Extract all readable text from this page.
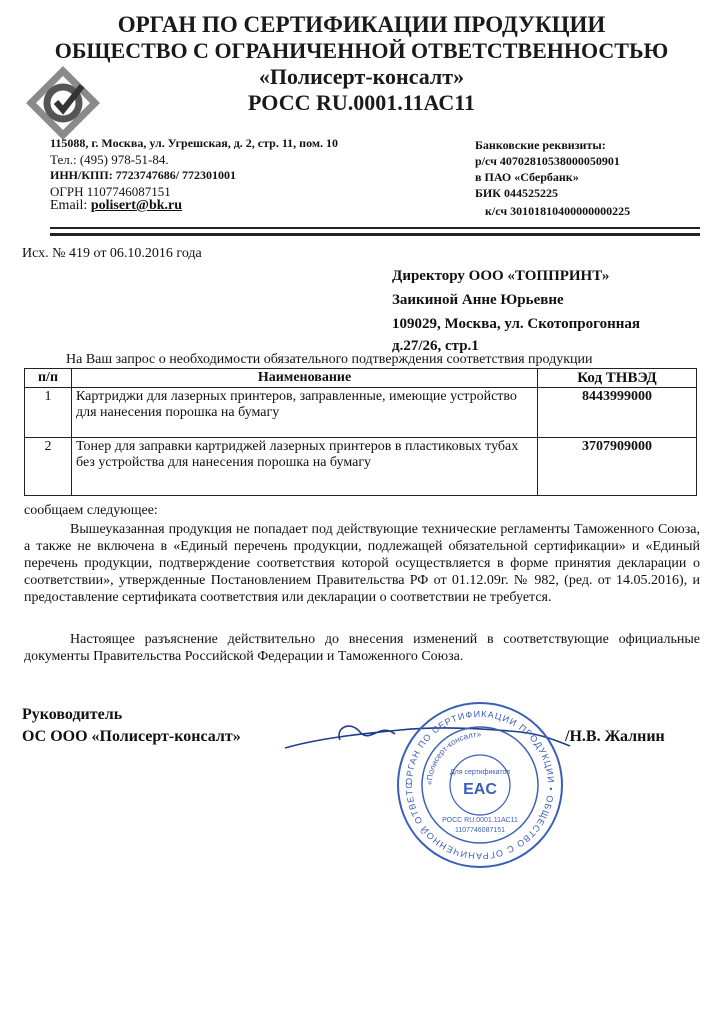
ОРГАН ПО СЕРТИФИКАЦИИ ПРОДУКЦИИ
ОБЩЕСТВО С ОГРАНИЧЕННОЙ ОТВЕТСТВЕННОСТЬЮ
«Полисерт-консалт»
РОСС RU.0001.11АС11
115088, г. Москва, ул. Угрешская, д. 2, стр. 11, пом. 10
Тел.: (495) 978-51-84.
ИНН/КПП: 7723747686/ 772301001
ОГРН 1107746087151
Email: polisert@bk.ru
Банковские реквизиты:
р/сч 40702810538000050901
в ПАО «Сбербанк»
БИК 044525225
к/сч 30101810400000000225
Исх. № 419 от 06.10.2016 года
Директору ООО «ТОППРИНТ»
Заикиной Анне Юрьевне
109029, Москва, ул. Скотопрогонная
д.27/26, стр.1
На Ваш запрос о необходимости обязательного подтверждения соответствия продукции
п/п	Наименование	Код ТНВЭД
1	Картриджи для лазерных принтеров, заправленные, имеющие устройство для нанесения порошка на бумагу	8443999000
2	Тонер для заправки картриджей лазерных принтеров в пластиковых тубах без устройства для нанесения порошка на бумагу	3707909000
сообщаем следующее:
Вышеуказанная продукция не попадает под действующие технические регламенты Таможенного Союза, а также не включена в «Единый перечень продукции, подлежащей обязательной сертификации» и «Единый перечень продукции, подтверждение соответствия которой осуществляется в форме принятия декларации о соответствии», утвержденные Постановлением Правительства РФ от 01.12.09г. № 982, (ред. от 14.05.2016), и предоставление сертификата соответствия или декларации о соответствии не требуется.
Настоящее разъяснение действительно до внесения изменений в соответствующие официальные документы Правительства Российской Федерации и Таможенного Союза.
Руководитель
ОС ООО «Полисерт-консалт»	/Н.В. Жалнин
ОРГАН ПО СЕРТИФИКАЦИИ ПРОДУКЦИИ • ОБЩЕСТВО С ОГРАНИЧЕННОЙ ОТВЕТС	«Полисерт-консалт»
Для сертификатов
EAC
РОСС RU.0001.11АС11
1107746087151
